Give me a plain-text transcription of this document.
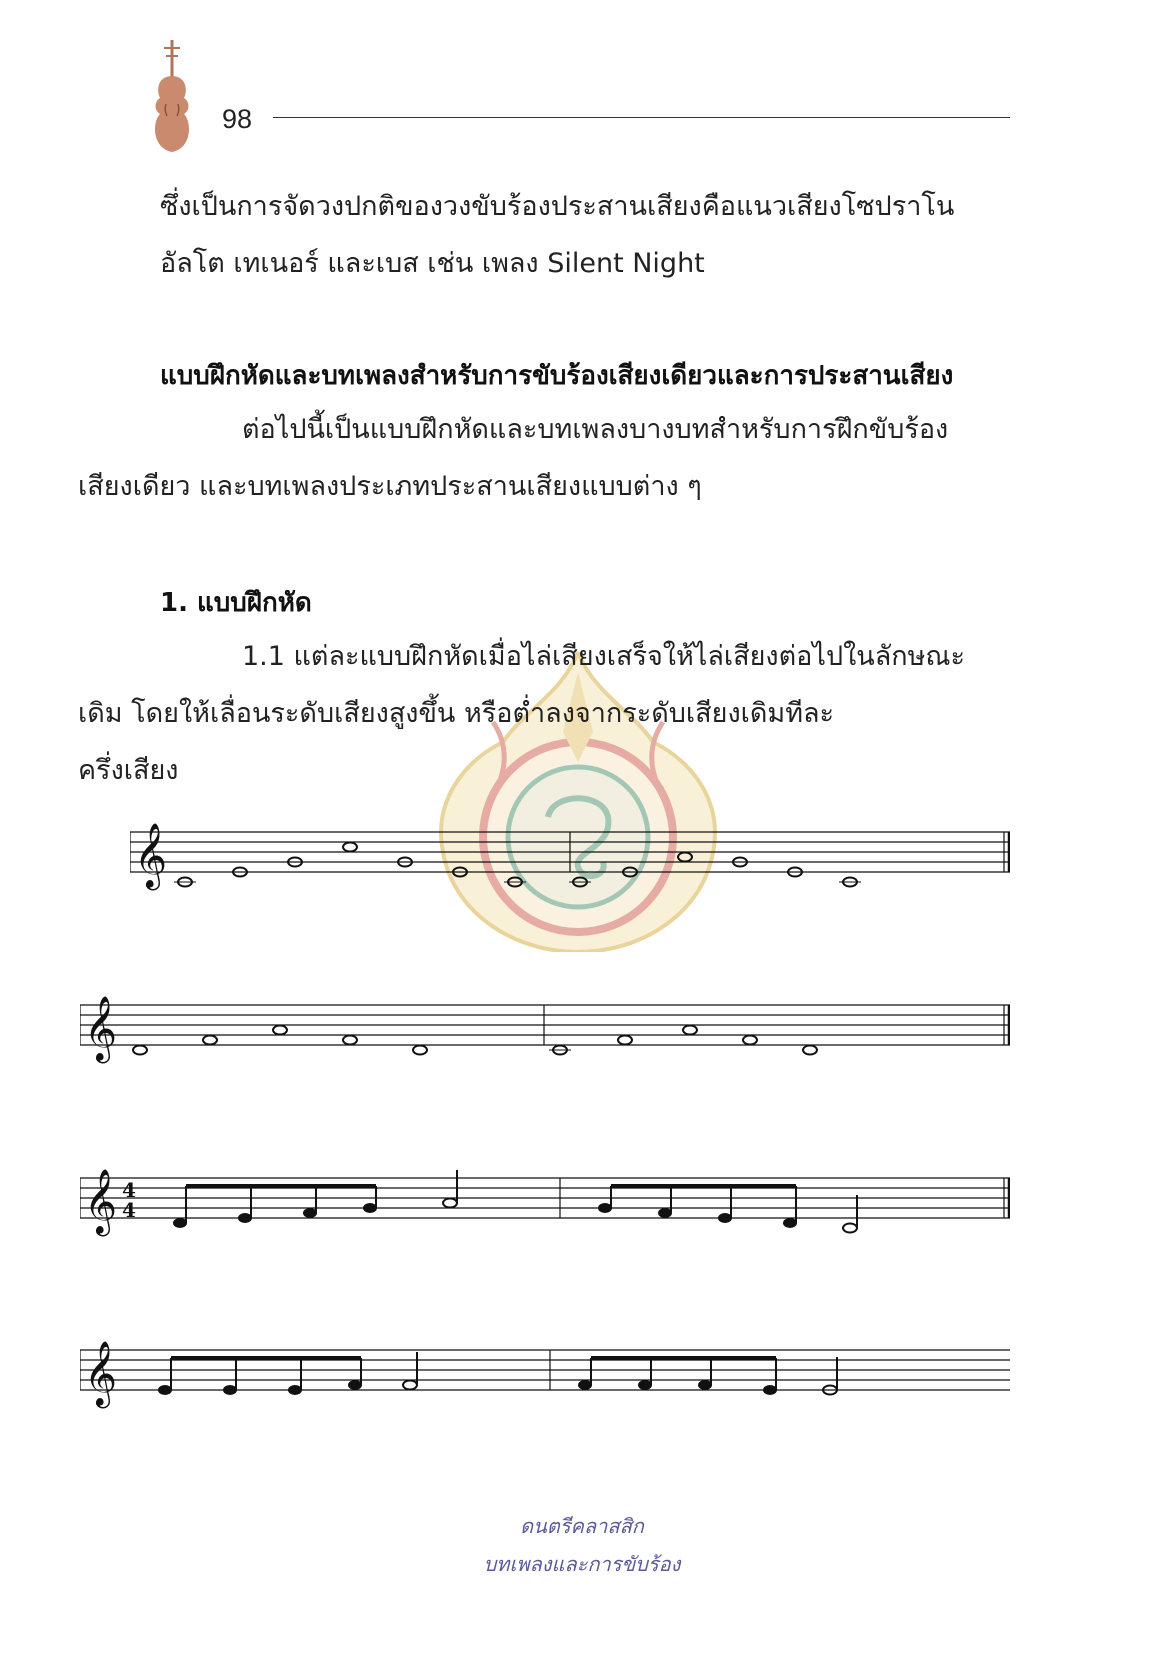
98
ซึ่งเป็นการจัดวงปกติของวงขับร้องประสานเสียงคือแนวเสียงโซปราโน
อัลโต เทเนอร์ และเบส เช่น เพลง Silent Night
แบบฝึกหัดและบทเพลงสำหรับการขับร้องเสียงเดียวและการประสานเสียง
ต่อไปนี้เป็นแบบฝึกหัดและบทเพลงบางบทสำหรับการฝึกขับร้อง
เสียงเดียว และบทเพลงประเภทประสานเสียงแบบต่าง ๆ
1. แบบฝึกหัด
1.1 แต่ละแบบฝึกหัดเมื่อไล่เสียงเสร็จให้ไล่เสียงต่อไปในลักษณะ
เดิม โดยให้เลื่อนระดับเสียงสูงขึ้น หรือต่ำลงจากระดับเสียงเดิมทีละ
ครึ่งเสียง
𝄞
𝄞
𝄞 4
4
𝄞
ดนตรีคลาสสิก
บทเพลงและการขับร้อง
